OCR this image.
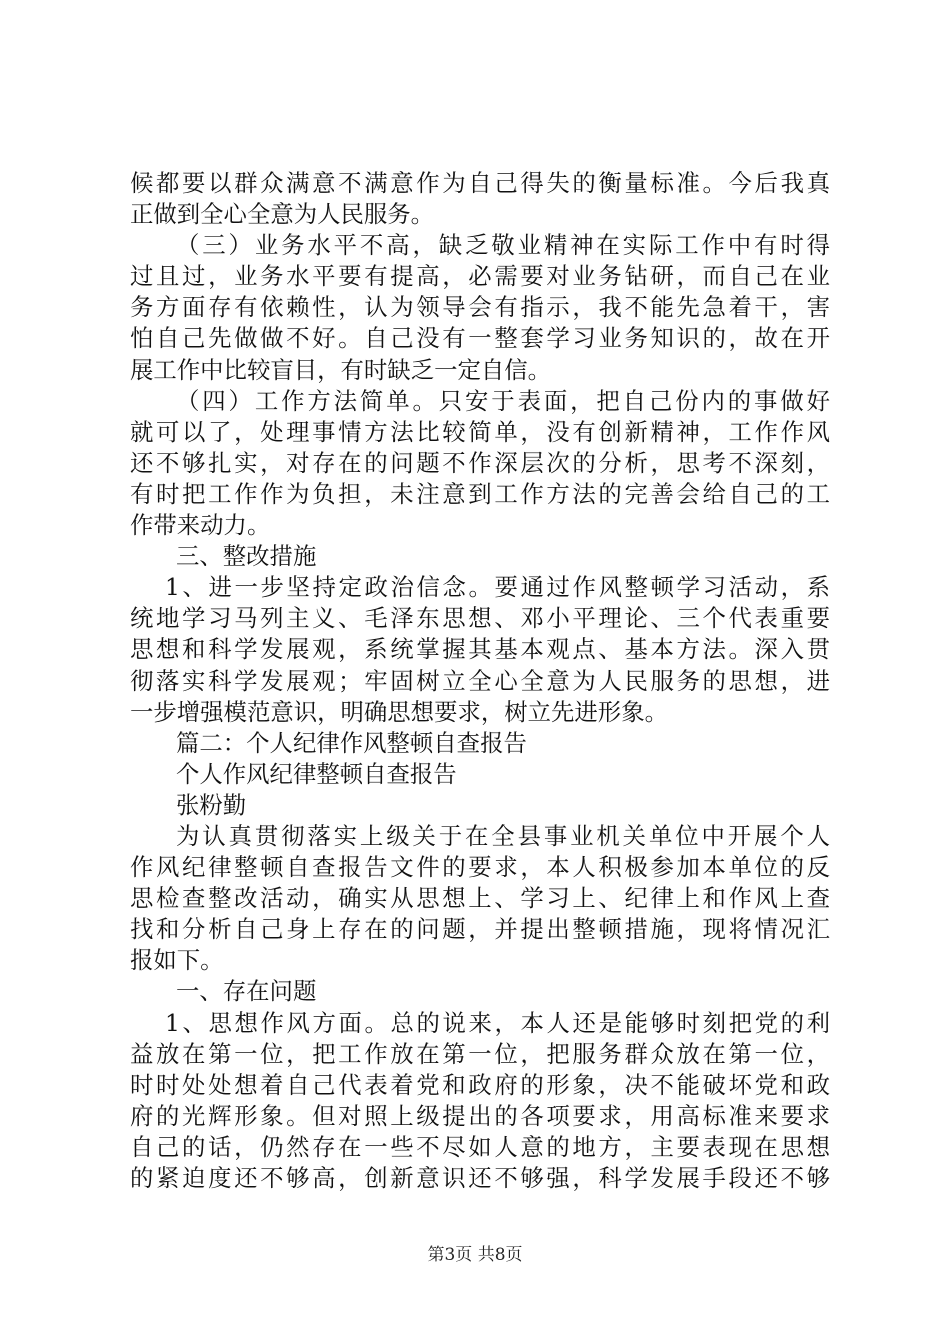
候都要以群众满意不满意作为自己得失的衡量标准。今后我真
正做到全心全意为人民服务。
（三）业务水平不高，缺乏敬业精神在实际工作中有时得
过且过，业务水平要有提高，必需要对业务钻研，而自己在业
务方面存有依赖性，认为领导会有指示，我不能先急着干，害
怕自己先做做不好。自己没有一整套学习业务知识的，故在开
展工作中比较盲目，有时缺乏一定自信。
（四）工作方法简单。只安于表面，把自己份内的事做好
就可以了，处理事情方法比较简单，没有创新精神，工作作风
还不够扎实，对存在的问题不作深层次的分析，思考不深刻，
有时把工作作为负担，未注意到工作方法的完善会给自己的工
作带来动力。
三、整改措施
1、进一步坚持定政治信念。要通过作风整顿学习活动，系
统地学习马列主义、毛泽东思想、邓小平理论、三个代表重要
思想和科学发展观，系统掌握其基本观点、基本方法。深入贯
彻落实科学发展观；牢固树立全心全意为人民服务的思想，进
一步增强模范意识，明确思想要求，树立先进形象。
篇二：个人纪律作风整顿自查报告
个人作风纪律整顿自查报告
张粉勤
为认真贯彻落实上级关于在全县事业机关单位中开展个人
作风纪律整顿自查报告文件的要求，本人积极参加本单位的反
思检查整改活动，确实从思想上、学习上、纪律上和作风上查
找和分析自己身上存在的问题，并提出整顿措施，现将情况汇
报如下。
一、存在问题
1、思想作风方面。总的说来，本人还是能够时刻把党的利
益放在第一位，把工作放在第一位，把服务群众放在第一位，
时时处处想着自己代表着党和政府的形象，决不能破坏党和政
府的光辉形象。但对照上级提出的各项要求，用高标准来要求
自己的话，仍然存在一些不尽如人意的地方，主要表现在思想
的紧迫度还不够高，创新意识还不够强，科学发展手段还不够
第3页 共8页
